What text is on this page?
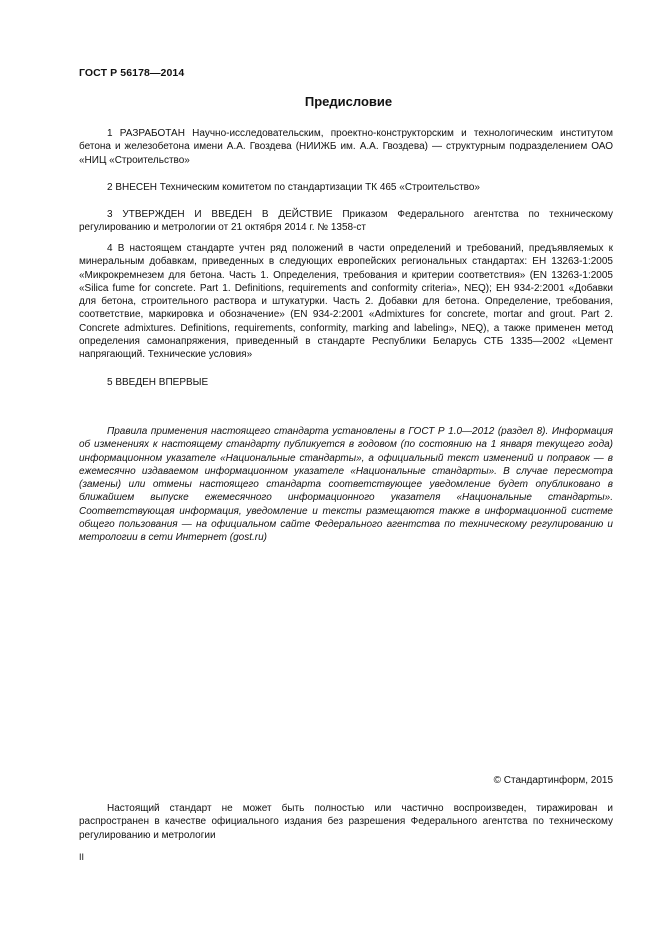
ГОСТ Р 56178—2014
Предисловие

1 РАЗРАБОТАН Научно-исследовательским, проектно-конструкторским и технологическим институтом бетона и железобетона имени А.А. Гвоздева (НИИЖБ им. А.А. Гвоздева) — структурным подразделением ОАО «НИЦ «Строительство»

2 ВНЕСЕН Техническим комитетом по стандартизации ТК 465 «Строительство»

3 УТВЕРЖДЕН И ВВЕДЕН В ДЕЙСТВИЕ Приказом Федерального агентства по техническому регулированию и метрологии от 21 октября 2014 г. № 1358-ст

4 В настоящем стандарте учтен ряд положений в части определений и требований, предъявляемых к минеральным добавкам, приведенных в следующих европейских региональных стандартах: ЕН 13263-1:2005 «Микрокремнезем для бетона. Часть 1. Определения, требования и критерии соответствия» (EN 13263-1:2005 «Silica fume for concrete. Part 1. Definitions, requirements and conformity criteria», NEQ); ЕН 934-2:2001 «Добавки для бетона, строительного раствора и штукатурки. Часть 2. Добавки для бетона. Определение, требования, соответствие, маркировка и обозначение» (EN 934-2:2001 «Admixtures for concrete, mortar and grout. Part 2. Concrete admixtures. Definitions, requirements, conformity, marking and labeling», NEQ), а также применен метод определения самонапряжения, приведенный в стандарте Республики Беларусь СТБ 1335—2002 «Цемент напрягающий. Технические условия»

5 ВВЕДЕН ВПЕРВЫЕ

Правила применения настоящего стандарта установлены в ГОСТ Р 1.0—2012 (раздел 8). Информация об изменениях к настоящему стандарту публикуется в годовом (по состоянию на 1 января текущего года) информационном указателе «Национальные стандарты», а официальный текст изменений и поправок — в ежемесячно издаваемом информационном указателе «Национальные стандарты». В случае пересмотра (замены) или отмены настоящего стандарта соответствующее уведомление будет опубликовано в ближайшем выпуске ежемесячного информационного указателя «Национальные стандарты». Соответствующая информация, уведомление и тексты размещаются также в информационной системе общего пользования — на официальном сайте Федерального агентства по техническому регулированию и метрологии в сети Интернет (gost.ru)

© Стандартинформ, 2015

Настоящий стандарт не может быть полностью или частично воспроизведен, тиражирован и распространен в качестве официального издания без разрешения Федерального агентства по техническому регулированию и метрологии

II
